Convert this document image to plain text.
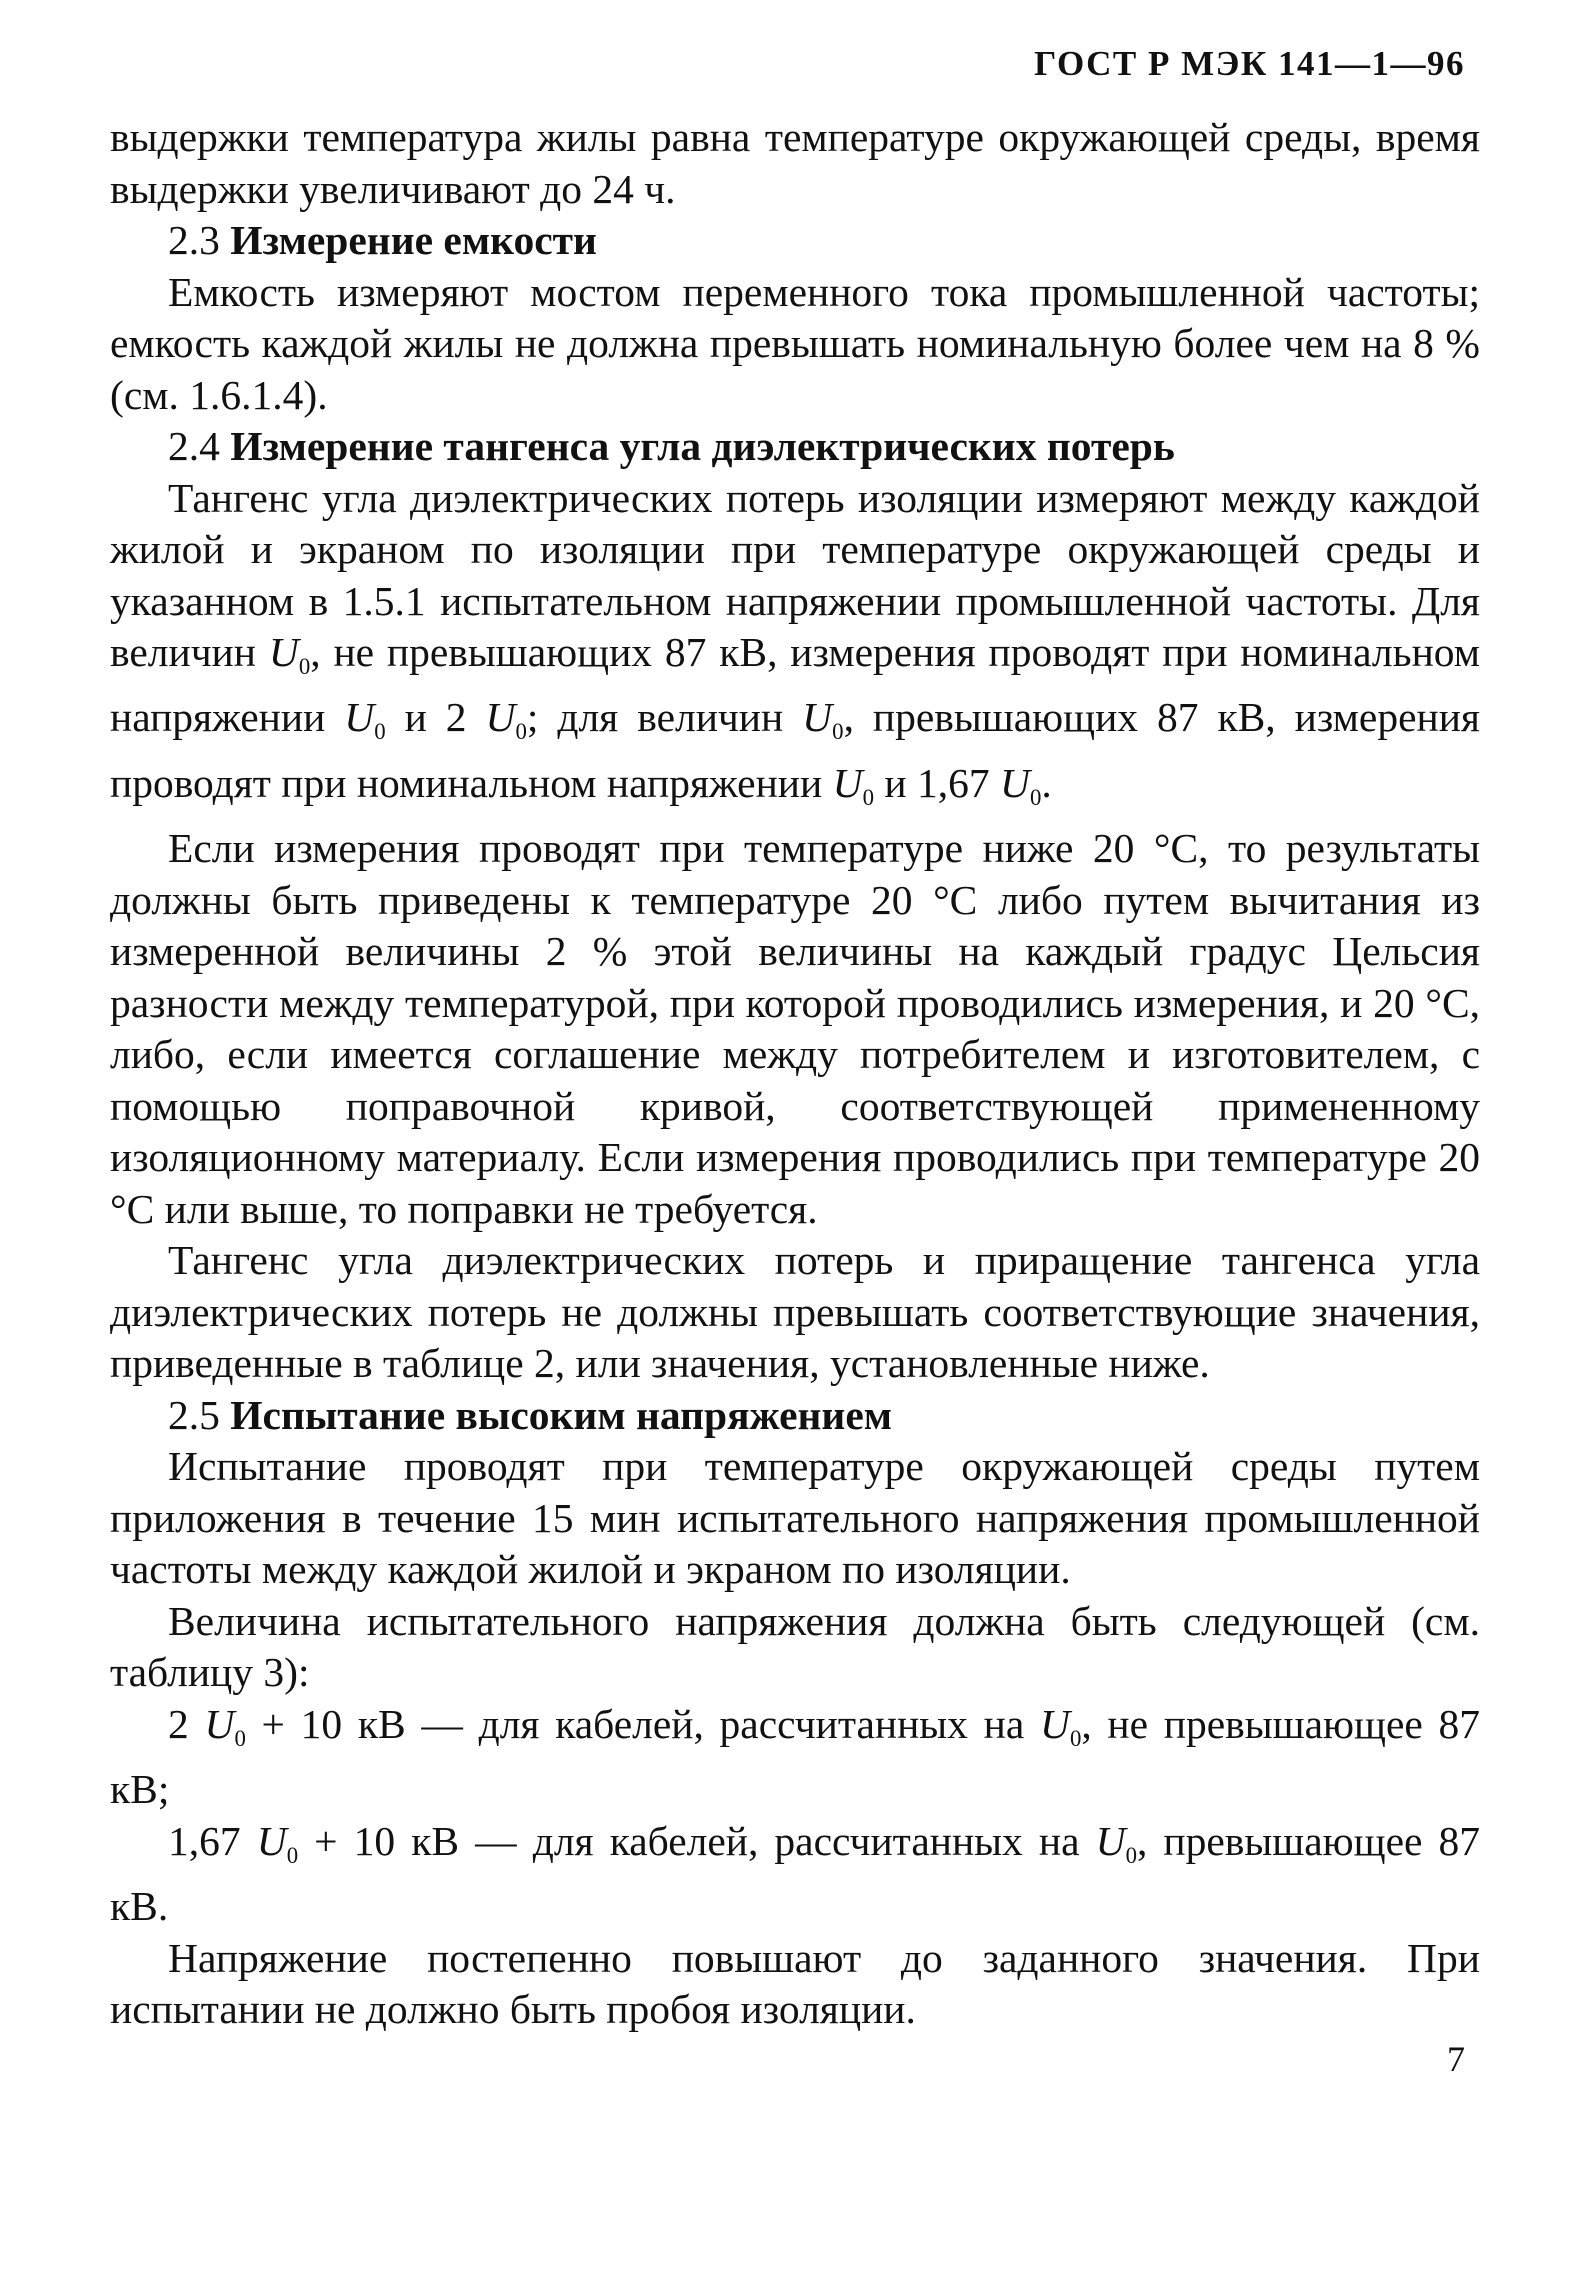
ГОСТ Р МЭК 141—1—96

выдержки температура жилы равна температуре окружающей среды, время выдержки увеличивают до 24 ч.

2.3 Измерение емкости

Емкость измеряют мостом переменного тока промышленной частоты; емкость каждой жилы не должна превышать номинальную более чем на 8 % (см. 1.6.1.4).

2.4 Измерение тангенса угла диэлектрических потерь

Тангенс угла диэлектрических потерь изоляции измеряют между каждой жилой и экраном по изоляции при температуре окружающей среды и указанном в 1.5.1 испытательном напряжении промышленной частоты. Для величин $U_0$, не превышающих 87 кВ, измерения проводят при номинальном напряжении $U_0$ и 2 $U_0$; для величин $U_0$, превышающих 87 кВ, измерения проводят при номинальном напряжении $U_0$ и 1,67 $U_0$.

Если измерения проводят при температуре ниже 20 °С, то результаты должны быть приведены к температуре 20 °С либо путем вычитания из измеренной величины 2 % этой величины на каждый градус Цельсия разности между температурой, при которой проводились измерения, и 20 °С, либо, если имеется соглашение между потребителем и изготовителем, с помощью поправочной кривой, соответствующей примененному изоляционному материалу. Если измерения проводились при температуре 20 °С или выше, то поправки не требуется.

Тангенс угла диэлектрических потерь и приращение тангенса угла диэлектрических потерь не должны превышать соответствующие значения, приведенные в таблице 2, или значения, установленные ниже.

2.5 Испытание высоким напряжением

Испытание проводят при температуре окружающей среды путем приложения в течение 15 мин испытательного напряжения промышленной частоты между каждой жилой и экраном по изоляции.

Величина испытательного напряжения должна быть следующей (см. таблицу 3):

2 $U_0 + 10$ кВ — для кабелей, рассчитанных на $U_0$, не превышающее 87 кВ;

1,67 $U_0 + 10$ кВ — для кабелей, рассчитанных на $U_0$, превышающее 87 кВ.

Напряжение постепенно повышают до заданного значения. При испытании не должно быть пробоя изоляции.

7
